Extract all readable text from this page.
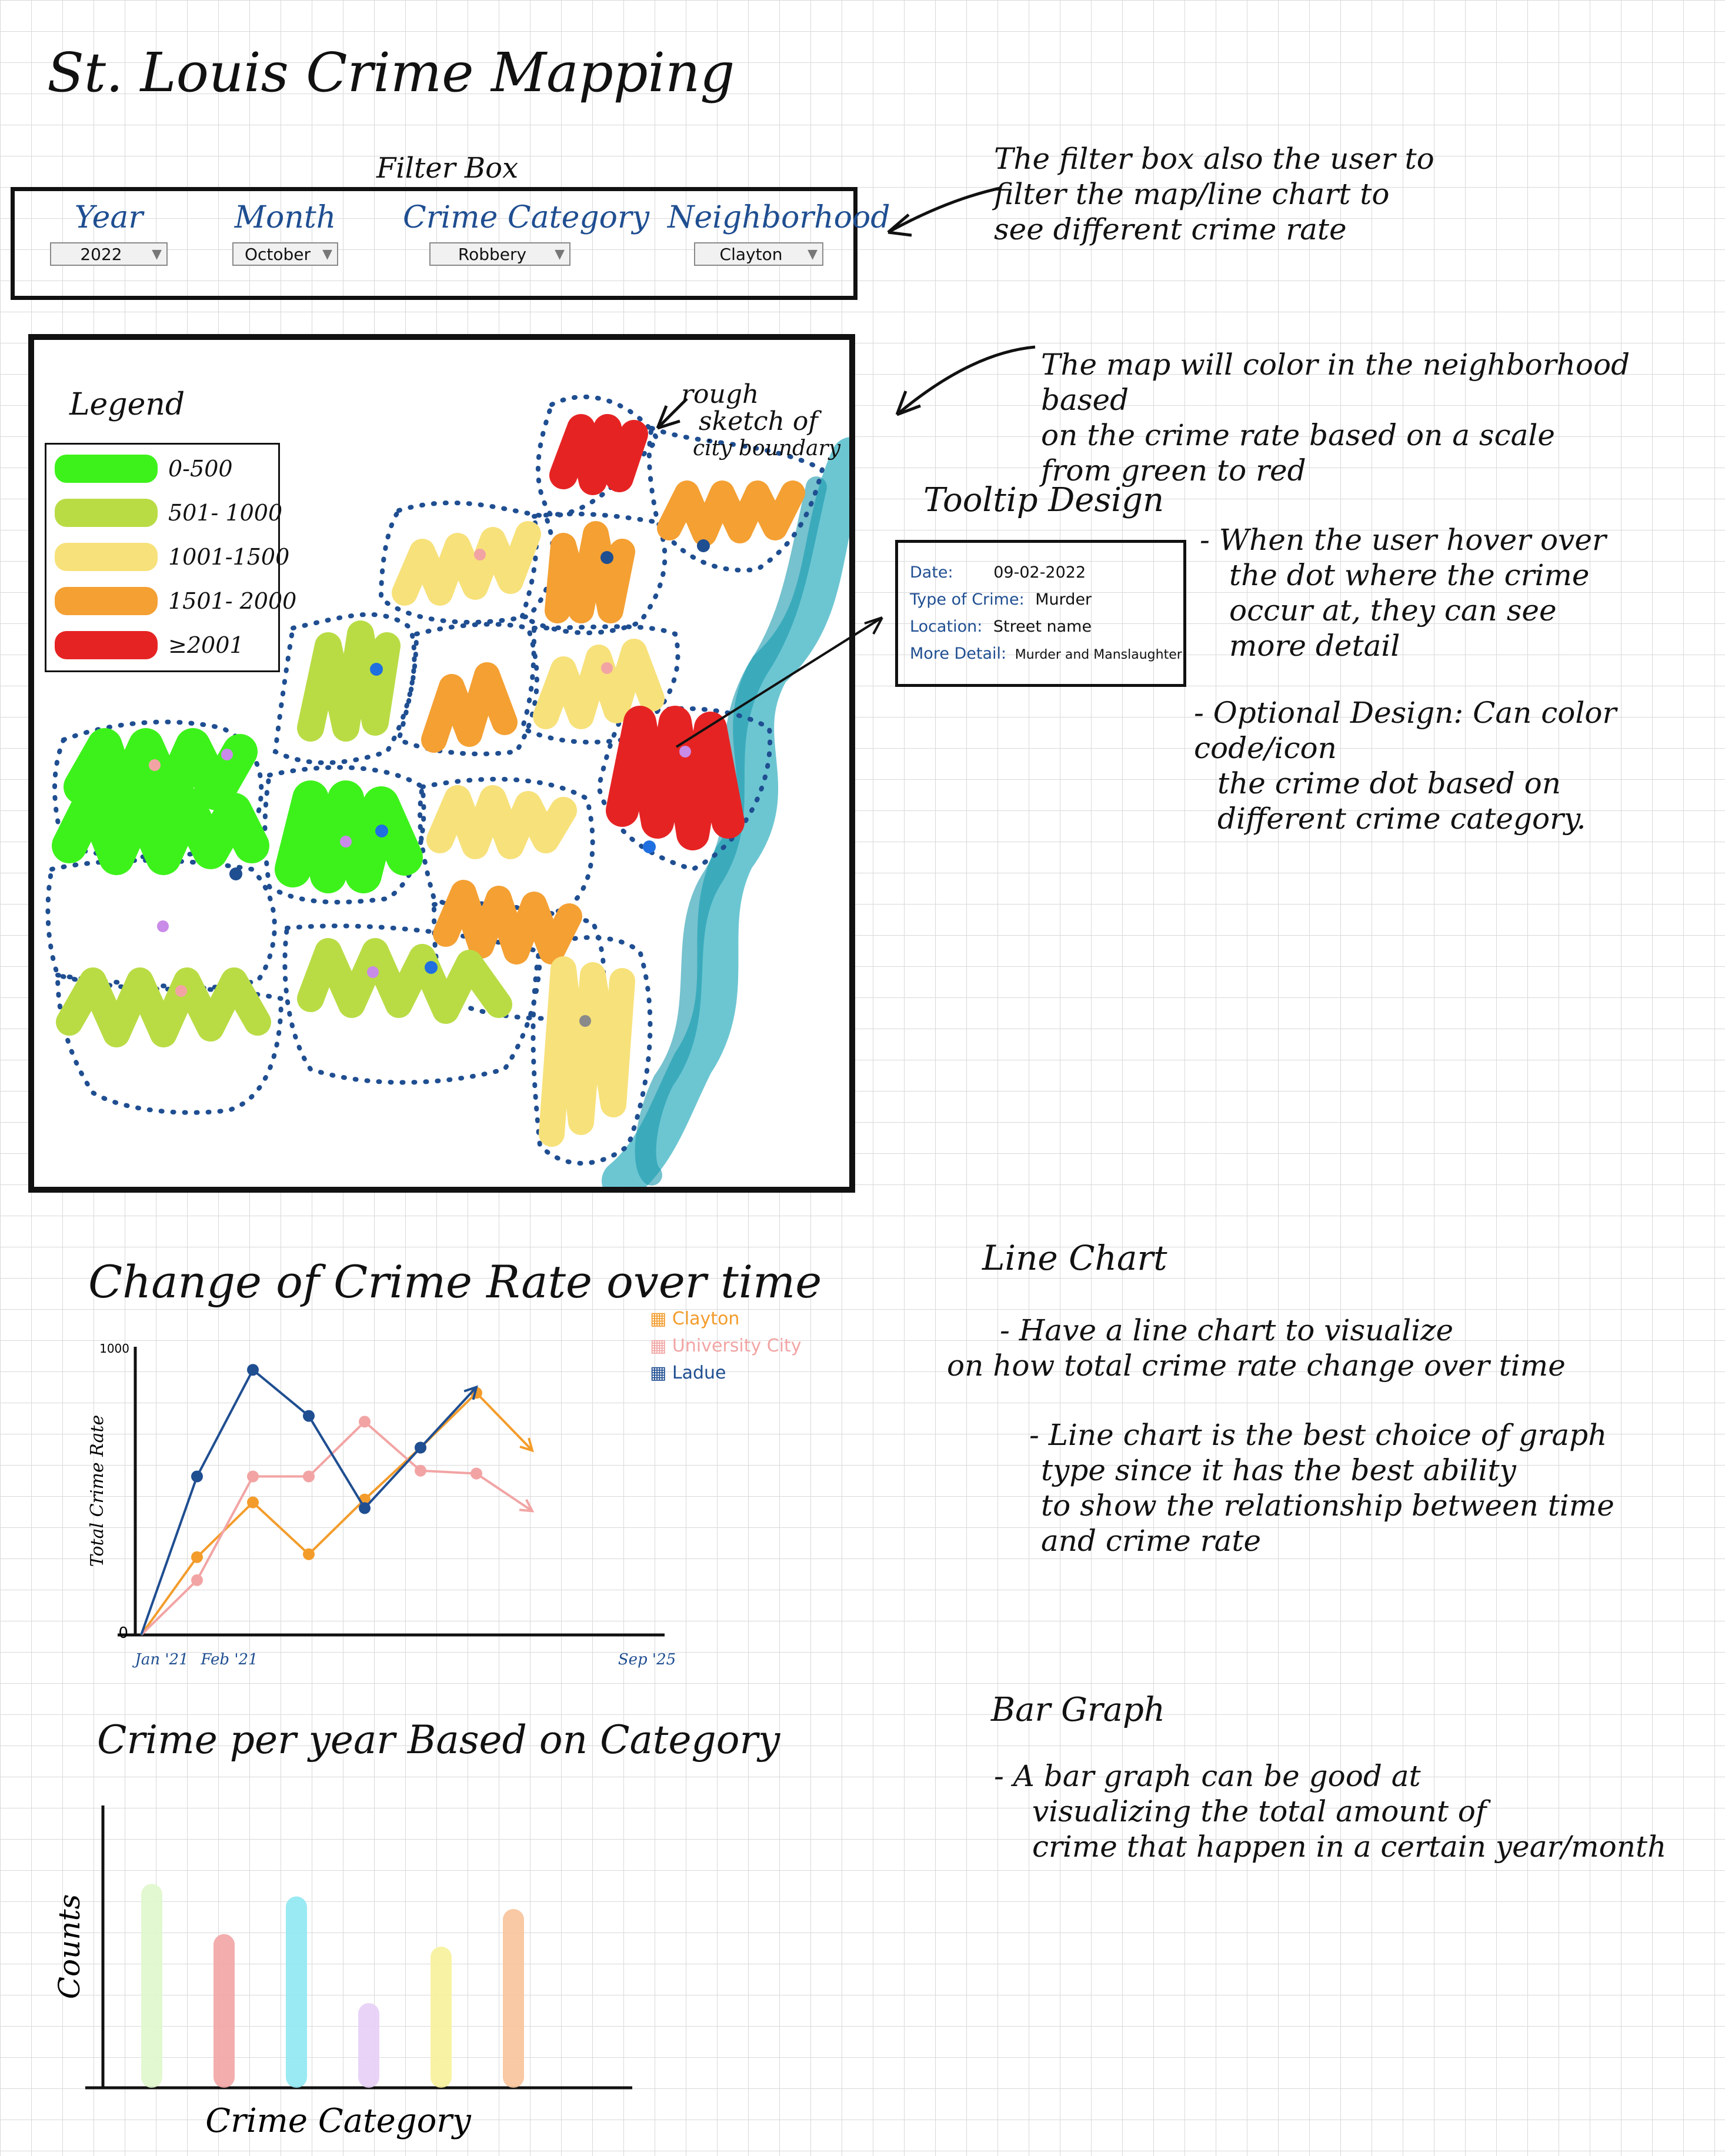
St. Louis Crime Mapping
Filter Box
Year
2022 ▼
Month
October ▼
Crime Category
Robbery ▼
Neighborhood
Clayton ▼
The filter box also the user to
filter the map/line chart to
see different crime rate
Legend
0-500
501- 1000
1001-1500
1501- 2000
≥2001
rough
sketch of
city boundary
The map will color in the neighborhood based
on the crime rate based on a scale
from green to red
Tooltip Design
Date:	09-02-2022
Type of Crime: Murder
Location: Street name
More Detail: Murder and Manslaughter
- When the user hover over
the dot where the crime
occur at, they can see
more detail
- Optional Design: Can color code/icon
the crime dot based on
different crime category.
Change of Crime Rate over time
Total Crime Rate
0
1000
Jan '21 Feb '21	Sep '25
▦ Clayton
▦ University City
▦ Ladue
Line Chart
- Have a line chart to visualize
on how total crime rate change over time
- Line chart is the best choice of graph
type since it has the best ability
to show the relationship between time
and crime rate
Crime per year Based on Category
Counts
Crime Category
Bar Graph
- A bar graph can be good at
visualizing the total amount of
crime that happen in a certain year/month
